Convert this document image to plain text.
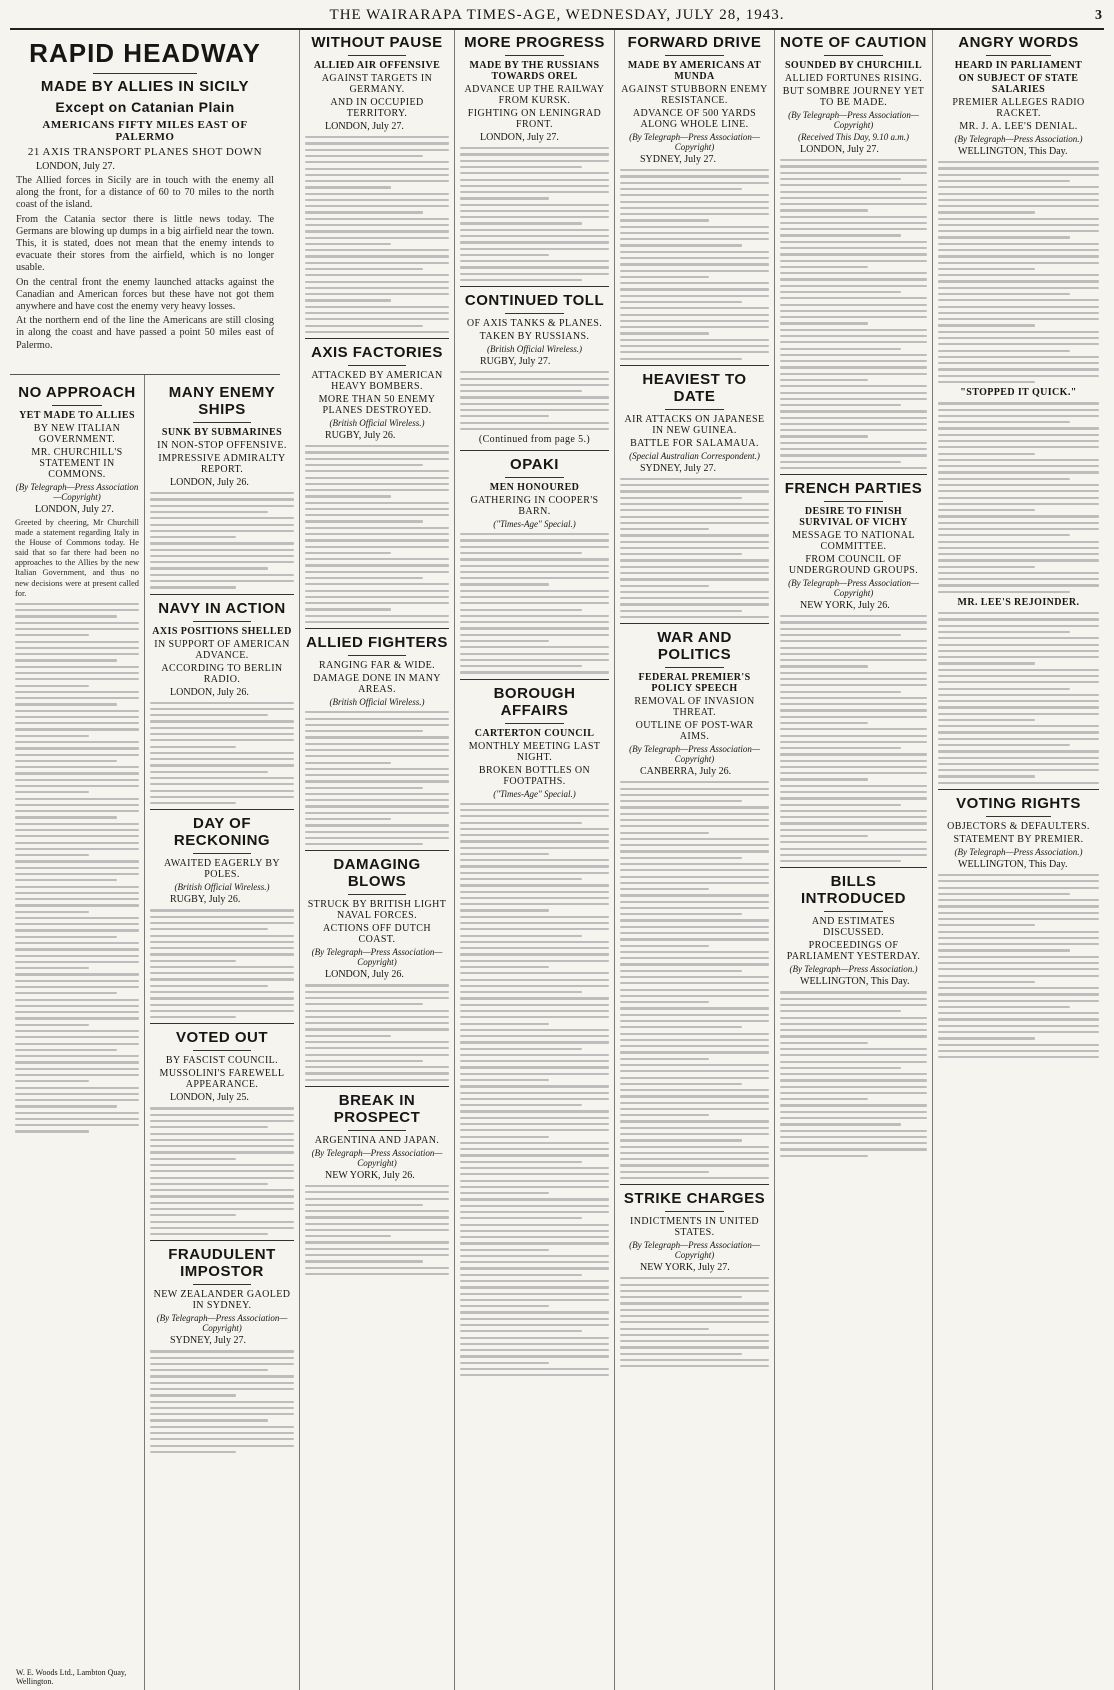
THE WAIRARAPA TIMES-AGE, WEDNESDAY, JULY 28, 1943.	3
RAPID HEADWAY
MADE BY ALLIES IN SICILY
Except on Catanian Plain
AMERICANS FIFTY MILES EAST OF PALERMO
21 AXIS TRANSPORT PLANES SHOT DOWN
LONDON, July 27.

The Allied forces in Sicily are in touch with the enemy all along the front, for a distance of 60 to 70 miles to the north coast of the island.

From the Catania sector there is little news today. The Germans are blowing up dumps in a big airfield near the town. This, it is stated, does not mean that the enemy intends to evacuate their stores from the airfield, which is no longer usable.

On the central front the enemy launched attacks against the Canadian and American forces but these have not got them anywhere and have cost the enemy very heavy losses.

At the northern end of the line the Americans are still closing in along the coast and have passed a point 50 miles east of Palermo.

NO APPROACH
YET MADE TO ALLIES
BY NEW ITALIAN GOVERNMENT.
MR. CHURCHILL'S STATEMENT IN COMMONS.
(By Telegraph—Press Association—Copyright)
LONDON, July 27.

Greeted by cheering, Mr Churchill made a statement regarding Italy in the House of Commons today. He said that so far there had been no approaches to the Allies by the new Italian Government, and thus no new decisions were at present called for.

W. E. Woods Ltd., Lambton Quay, Wellington.
MANY ENEMY SHIPS
SUNK BY SUBMARINES
IN NON-STOP OFFENSIVE.
IMPRESSIVE ADMIRALTY REPORT.
LONDON, July 26.
NAVY IN ACTION
AXIS POSITIONS SHELLED
IN SUPPORT OF AMERICAN ADVANCE.
ACCORDING TO BERLIN RADIO.
LONDON, July 26.
DAY OF RECKONING
AWAITED EAGERLY BY POLES.
(British Official Wireless.)
RUGBY, July 26.
VOTED OUT
BY FASCIST COUNCIL.
MUSSOLINI'S FAREWELL APPEARANCE.
LONDON, July 25.
FRAUDULENT IMPOSTOR
NEW ZEALANDER GAOLED IN SYDNEY.
(By Telegraph—Press Association—Copyright)
SYDNEY, July 27.
WITHOUT PAUSE
ALLIED AIR OFFENSIVE
AGAINST TARGETS IN GERMANY.
AND IN OCCUPIED TERRITORY.
LONDON, July 27.
AXIS FACTORIES
ATTACKED BY AMERICAN HEAVY BOMBERS.
MORE THAN 50 ENEMY PLANES DESTROYED.
(British Official Wireless.)
RUGBY, July 26.
ALLIED FIGHTERS
RANGING FAR & WIDE.
DAMAGE DONE IN MANY AREAS.
(British Official Wireless.)
DAMAGING BLOWS
STRUCK BY BRITISH LIGHT NAVAL FORCES.
ACTIONS OFF DUTCH COAST.
(By Telegraph—Press Association—Copyright)
LONDON, July 26.
BREAK IN PROSPECT
ARGENTINA AND JAPAN.
(By Telegraph—Press Association—Copyright)
NEW YORK, July 26.
MORE PROGRESS
MADE BY THE RUSSIANS TOWARDS OREL
ADVANCE UP THE RAILWAY FROM KURSK.
FIGHTING ON LENINGRAD FRONT.
LONDON, July 27.
CONTINUED TOLL
OF AXIS TANKS & PLANES.
TAKEN BY RUSSIANS.
(British Official Wireless.)
RUGBY, July 27.
(Continued from page 5.)
OPAKI
MEN HONOURED
GATHERING IN COOPER'S BARN.
("Times-Age" Special.)
BOROUGH AFFAIRS
CARTERTON COUNCIL
MONTHLY MEETING LAST NIGHT.
BROKEN BOTTLES ON FOOTPATHS.
("Times-Age" Special.)
FORWARD DRIVE
MADE BY AMERICANS AT MUNDA
AGAINST STUBBORN ENEMY RESISTANCE.
ADVANCE OF 500 YARDS ALONG WHOLE LINE.
(By Telegraph—Press Association—Copyright)
SYDNEY, July 27.
HEAVIEST TO DATE
AIR ATTACKS ON JAPANESE IN NEW GUINEA.
BATTLE FOR SALAMAUA.
(Special Australian Correspondent.)
SYDNEY, July 27.
WAR AND POLITICS
FEDERAL PREMIER'S POLICY SPEECH
REMOVAL OF INVASION THREAT.
OUTLINE OF POST-WAR AIMS.
(By Telegraph—Press Association—Copyright)
CANBERRA, July 26.
STRIKE CHARGES
INDICTMENTS IN UNITED STATES.
(By Telegraph—Press Association—Copyright)
NEW YORK, July 27.
NOTE OF CAUTION
SOUNDED BY CHURCHILL
ALLIED FORTUNES RISING.
BUT SOMBRE JOURNEY YET TO BE MADE.
(By Telegraph—Press Association—Copyright)
(Received This Day, 9.10 a.m.)
LONDON, July 27.
FRENCH PARTIES
DESIRE TO FINISH SURVIVAL OF VICHY
MESSAGE TO NATIONAL COMMITTEE.
FROM COUNCIL OF UNDERGROUND GROUPS.
(By Telegraph—Press Association—Copyright)
NEW YORK, July 26.
BILLS INTRODUCED
AND ESTIMATES DISCUSSED.
PROCEEDINGS OF PARLIAMENT YESTERDAY.
(By Telegraph—Press Association.)
WELLINGTON, This Day.
ANGRY WORDS
HEARD IN PARLIAMENT
ON SUBJECT OF STATE SALARIES
PREMIER ALLEGES RADIO RACKET.
MR. J. A. LEE'S DENIAL.
(By Telegraph—Press Association.)
WELLINGTON, This Day.
"STOPPED IT QUICK."
MR. LEE'S REJOINDER.
VOTING RIGHTS
OBJECTORS & DEFAULTERS.
STATEMENT BY PREMIER.
(By Telegraph—Press Association.)
WELLINGTON, This Day.
